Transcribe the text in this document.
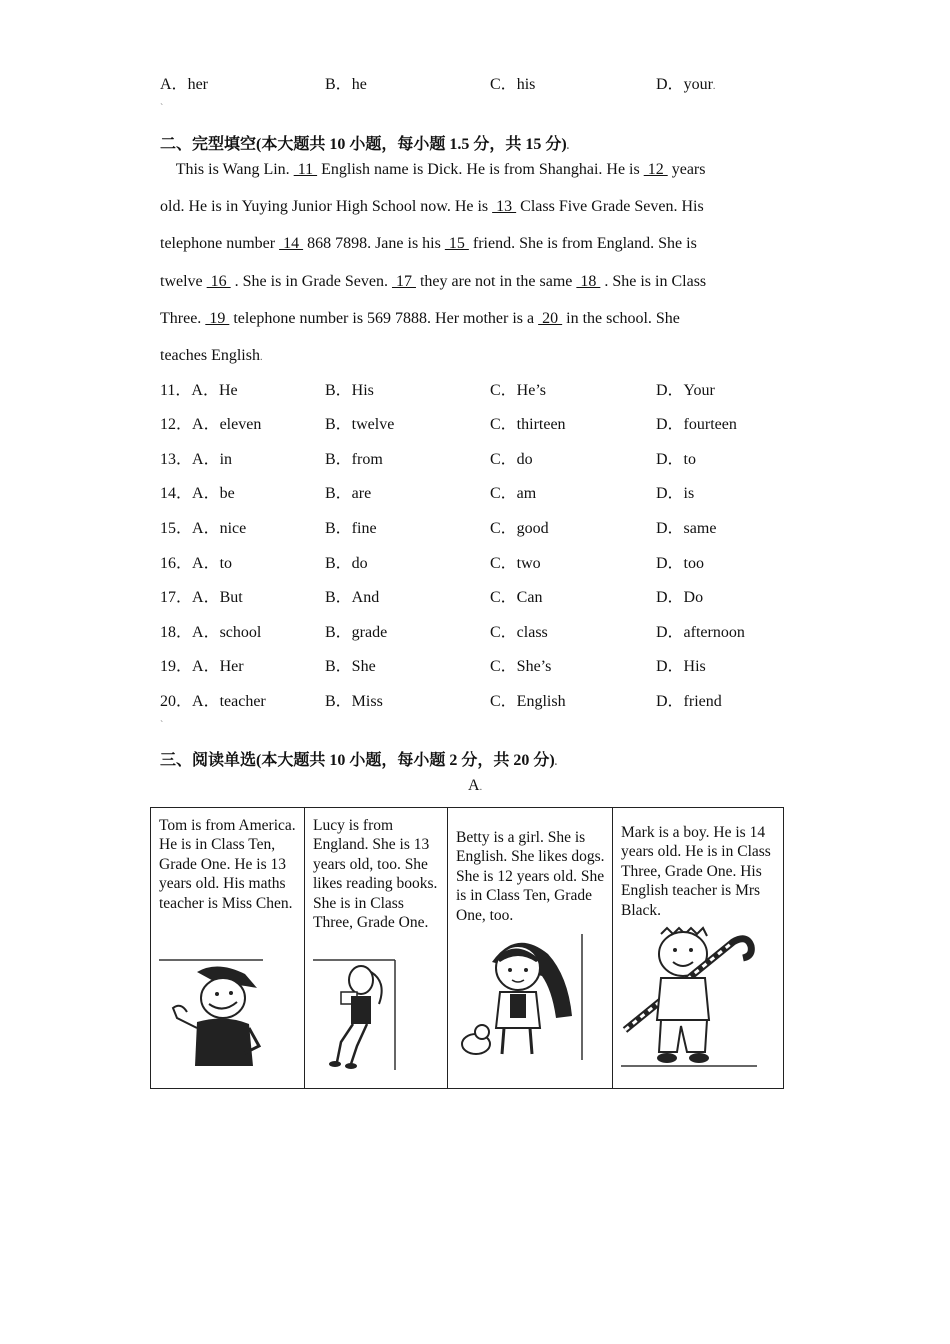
A．her	B．he	C．his	D．your.
ˋ
二、完型填空(本大题共 10 小题，每小题 1.5 分，共 15 分).
This is Wang Lin.  11  English name is Dick. He is from Shanghai. He is  12  years
old. He is in Yuying Junior High School now. He is  13  Class Five Grade Seven. His
telephone number  14  868 7898. Jane is his  15  friend. She is from England. She is
twelve  16  . She is in Grade Seven.  17  they are not in the same  18  . She is in Class
Three.  19  telephone number is 569 7888. Her mother is a  20  in the school. She
teaches English.
11．A．He	B．His	C．He’s	D．Your
12．A．eleven	B．twelve	C．thirteen	D．fourteen
13．A．in	B．from	C．do	D．to
14．A．be	B．are	C．am	D．is
15．A．nice	B．fine	C．good	D．same
16．A．to	B．do	C．two	D．too
17．A．But	B．And	C．Can	D．Do
18．A．school	B．grade	C．class	D．afternoon
19．A．Her	B．She	C．She’s	D．His
20．A．teacher	B．Miss	C．English	D．friend
ˋ
三、阅读单选(本大题共 10 小题，每小题 2 分，共 20 分).
A.
Tom is from America. He is in Class Ten, Grade One. He is 13 years old. His maths teacher is Miss Chen.

Lucy is from England. She is 13 years old, too. She likes reading books. She is in Class Three, Grade One.

Betty is a girl. She is English. She likes dogs. She is 12 years old. She is in Class Ten, Grade One, too.

Mark is a boy. He is 14 years old. He is in Class Three, Grade One. His English teacher is Mrs Black.
